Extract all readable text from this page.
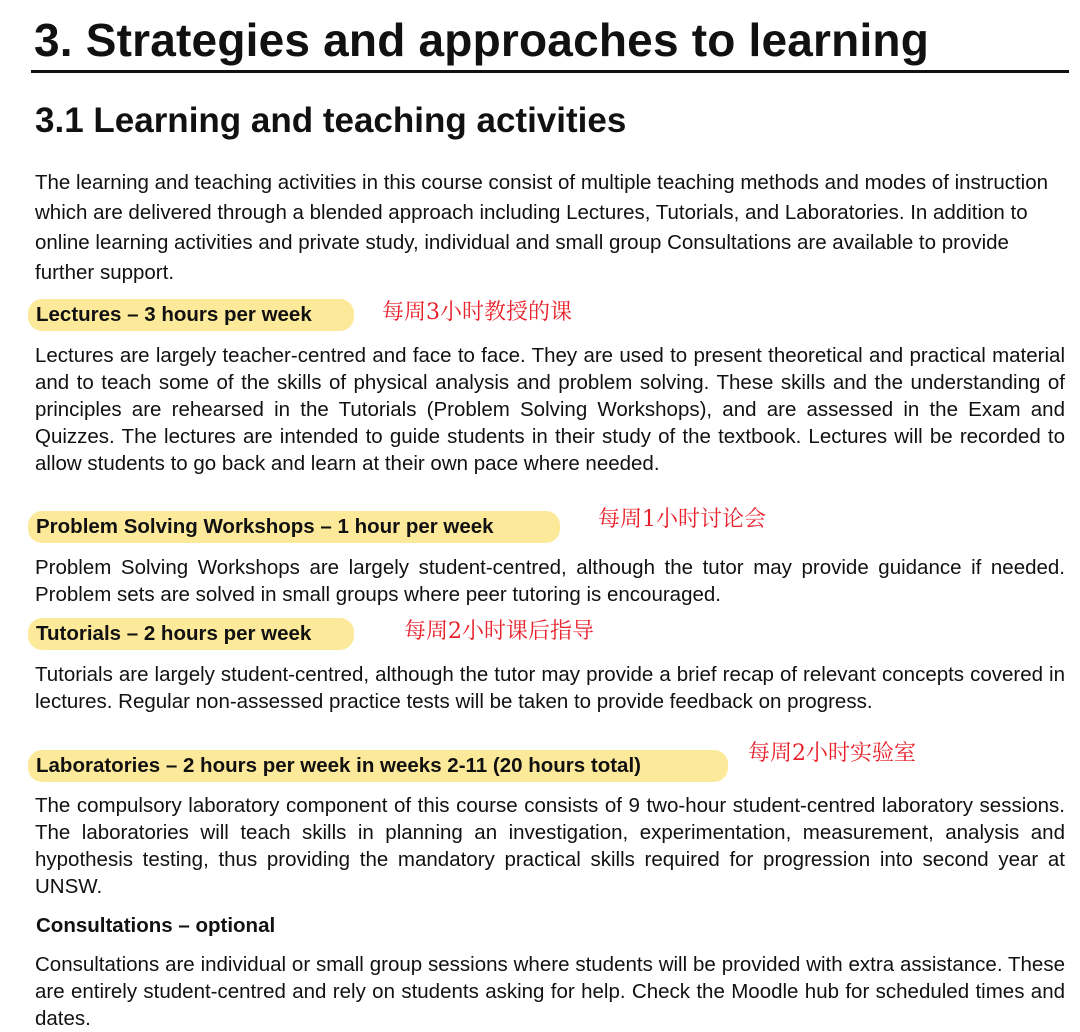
3. Strategies and approaches to learning
3.1 Learning and teaching activities

The learning and teaching activities in this course consist of multiple teaching methods and modes of instruction which are delivered through a blended approach including Lectures, Tutorials, and Laboratories. In addition to online learning activities and private study, individual and small group Consultations are available to provide further support.

Lectures – 3 hours per week	每周3小时教授的课

Lectures are largely teacher-centred and face to face. They are used to present theoretical and practical material and to teach some of the skills of physical analysis and problem solving. These skills and the understanding of principles are rehearsed in the Tutorials (Problem Solving Workshops), and are assessed in the Exam and Quizzes. The lectures are intended to guide students in their study of the textbook. Lectures will be recorded to allow students to go back and learn at their own pace where needed.

Problem Solving Workshops – 1 hour per week	每周1小时讨论会

Problem Solving Workshops are largely student-centred, although the tutor may provide guidance if needed. Problem sets are solved in small groups where peer tutoring is encouraged.

Tutorials – 2 hours per week	每周2小时课后指导

Tutorials are largely student-centred, although the tutor may provide a brief recap of relevant concepts covered in lectures. Regular non-assessed practice tests will be taken to provide feedback on progress.

Laboratories – 2 hours per week in weeks 2-11 (20 hours total)	每周2小时实验室

The compulsory laboratory component of this course consists of 9 two-hour student-centred laboratory sessions. The laboratories will teach skills in planning an investigation, experimentation, measurement, analysis and hypothesis testing, thus providing the mandatory practical skills required for progression into second year at UNSW.

Consultations – optional

Consultations are individual or small group sessions where students will be provided with extra assistance. These are entirely student-centred and rely on students asking for help. Check the Moodle hub for scheduled times and dates.
